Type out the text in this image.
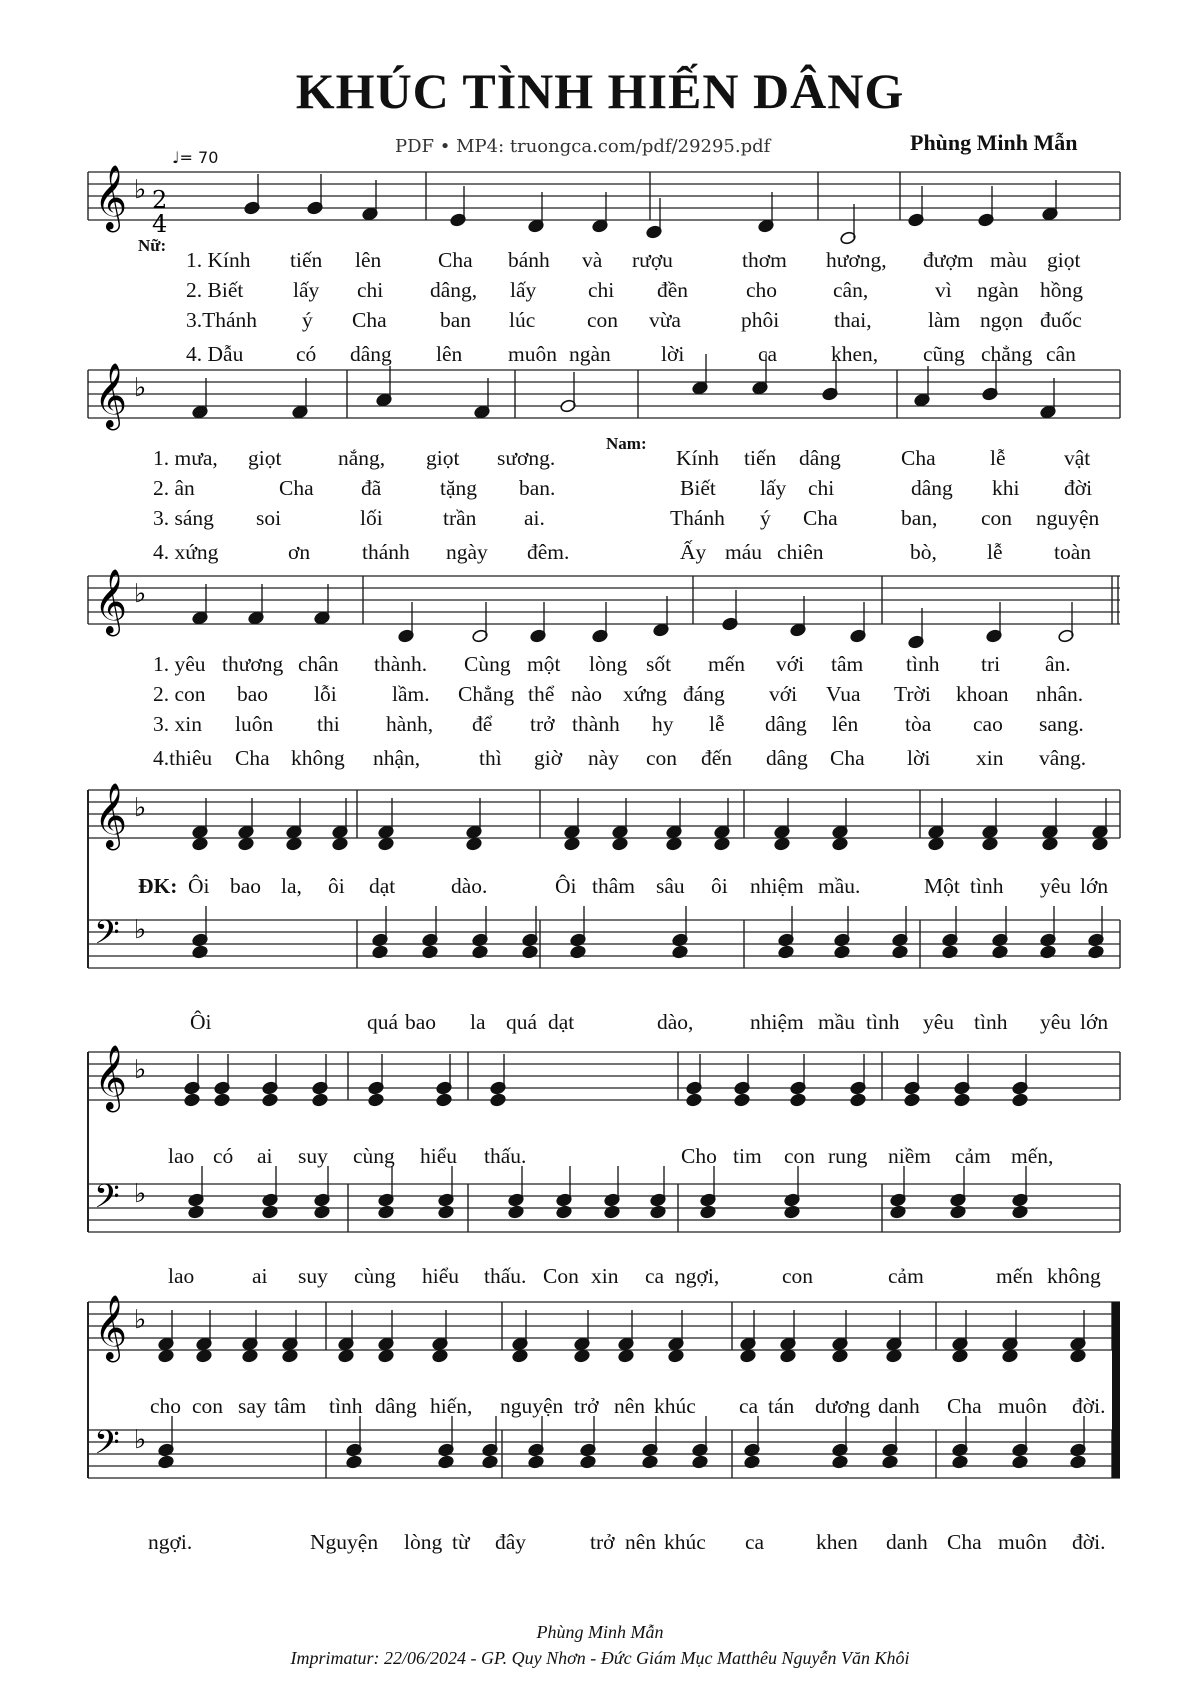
KHÚC TÌNH HIẾN DÂNG
PDF • MP4: truongca.com/pdf/29295.pdf	Phùng Minh Mẫn
♩= 70
𝄞 ♭ 2
4
𝄞 ♭
𝄞 ♭
𝄞 ♭
𝄢 ♭
𝄞 ♭
𝄢 ♭
𝄞 ♭
𝄢 ♭
Nữ:
Nam:
1. Kính tiến lên	Cha bánh và rượu	thơm hương, đượm màu giọt
2. Biết lấy chi dâng, lấy chi đền	cho	cân,	vì ngàn hồng
3.Thánh ý Cha ban lúc con vừa	phôi	thai,	làm ngọn đuốc
4. Dẫu có dâng lên muôn ngàn lời	ca	khen, cũng chẳng cân
1. mưa, giọt	nắng, giọt sương.	Kính tiến dâng	Cha	lễ	vật
2. ân	Cha đã	tặng ban.	Biết lấy chi	dâng khi đời
3. sáng soi	lối	trần ai.	Thánh ý Cha	ban, con nguyện
4. xứng	ơn thánh ngày đêm.	Ấy máu chiên	bò, lễ toàn
1. yêu thương chân thành. Cùng một lòng sốt mến với tâm tình tri ân.
2. con bao lỗi	lầm. Chẳng thể nào xứng đáng với Vua Trời khoan nhân.
3. xin luôn thi hành, để trở thành hy lễ dâng lên tòa cao sang.
4.thiêu Cha không nhận,	thì giờ này con đến dâng Cha lời xin vâng.
ĐK: Ôi bao la, ôi dạt	dào.	Ôi thâm sâu ôi nhiệm mầu.	Một tình yêu lớn
Ôi	quá bao la quá dạt	dào,	nhiệm mầu tình yêu tình yêu lớn
lao có ai suy cùng hiểu thấu.	Cho tim con rung niềm cảm mến,
lao	ai suy cùng hiểu thấu. Con xin ca ngợi,	con	cảm	mến không
cho con say tâm tình dâng hiến, nguyện trở nên khúc ca tán dương danh Cha muôn đời.
ngợi.	Nguyện lòng từ đây	trở nên khúc ca khen danh Cha muôn đời.
Phùng Minh Mẫn
Imprimatur: 22/06/2024 - GP. Quy Nhơn - Đức Giám Mục Matthêu Nguyễn Văn Khôi
